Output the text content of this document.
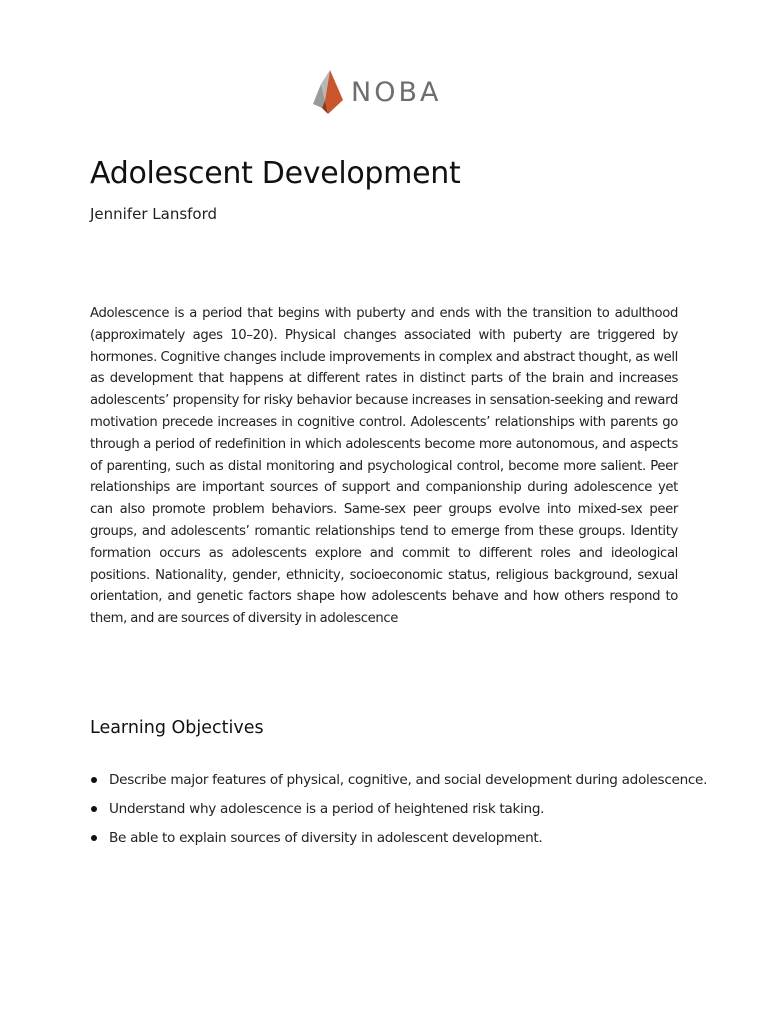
NOBA
Adolescent Development

Jennifer Lansford

Adolescence is a period that begins with puberty and ends with the transition to adulthood (approximately ages 10–20). Physical changes associated with puberty are triggered by hormones. Cognitive changes include improvements in complex and abstract thought, as well as development that happens at different rates in distinct parts of the brain and increases adolescents’ propensity for risky behavior because increases in sensation-seeking and reward motivation precede increases in cognitive control. Adolescents’ relationships with parents go through a period of redefinition in which adolescents become more autonomous, and aspects of parenting, such as distal monitoring and psychological control, become more salient. Peer relationships are important sources of support and companionship during adolescence yet can also promote problem behaviors. Same-sex peer groups evolve into mixed-sex peer groups, and adolescents’ romantic relationships tend to emerge from these groups. Identity formation occurs as adolescents explore and commit to different roles and ideological positions. Nationality, gender, ethnicity, socioeconomic status, religious background, sexual orientation, and genetic factors shape how adolescents behave and how others respond to them, and are sources of diversity in adolescence

Learning Objectives
Describe major features of physical, cognitive, and social development during adolescence.
Understand why adolescence is a period of heightened risk taking.
Be able to explain sources of diversity in adolescent development.
